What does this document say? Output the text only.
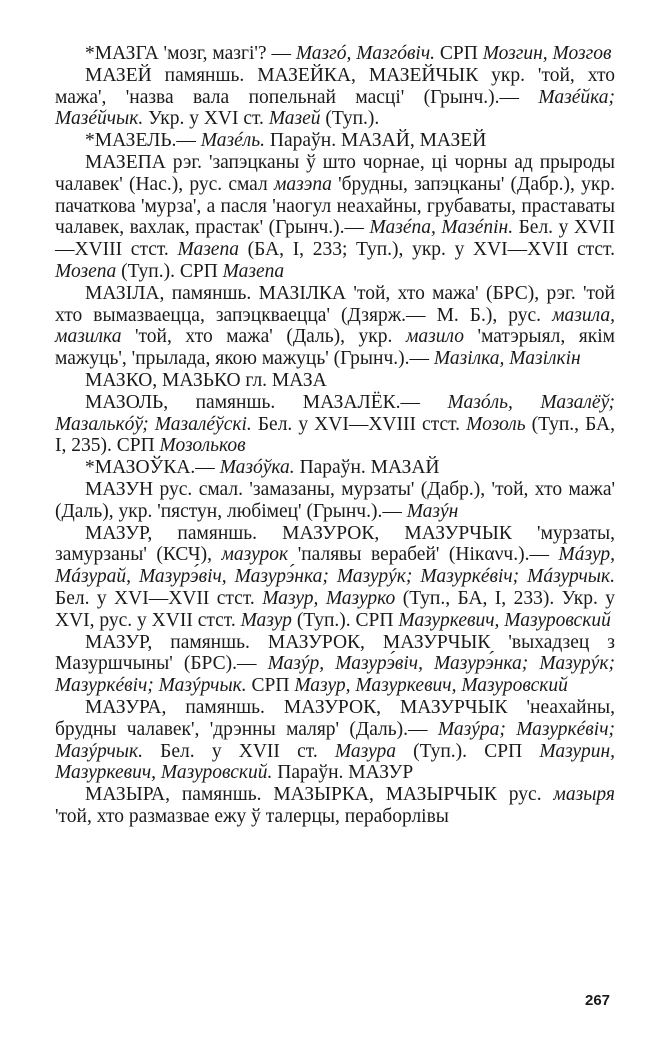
*МАЗГА 'мозг, мазгі'? — Мазгó, Мазгóвіч. СРП Мозгин, Мозгов

МАЗЕЙ памяншь. МАЗЕЙКА, МАЗЕЙЧЫК укр. 'той, хто мажа', 'назва вала попельнай масці' (Грынч.).— Мазéйка; Мазéйчык. Укр. у XVI ст. Мазей (Туп.).

*МАЗЕЛЬ.— Мазéль. Параўн. МАЗАЙ, МАЗЕЙ

МАЗЕПА рэг. 'запэцканы ў што чорнае, ці чорны ад прыроды чалавек' (Нас.), рус. смал мазэпа 'брудны, запэцканы' (Дабр.), укр. пачаткова 'мурза', а пасля 'наогул неахайны, грубаваты, праставаты чалавек, вахлак, прастак' (Грынч.).— Мазéпа, Мазéпін. Бел. у XVII—XVIII стст. Мазепа (БА, I, 233; Туп.), укр. у XVI—XVII стст. Мозепа (Туп.). СРП Мазепа

МАЗІЛА, памяншь. МАЗІЛКА 'той, хто мажа' (БРС), рэг. 'той хто вымазваецца, запэцкваецца' (Дзярж.— М. Б.), рус. мазила, мазилка 'той, хто мажа' (Даль), укр. мазило 'матэрыял, якім мажуць', 'прылада, якою мажуць' (Грынч.).— Мазілка, Мазілкін

МАЗКО, МАЗЬКО гл. МАЗА

МАЗОЛЬ, памяншь. МАЗАЛЁК.— Мазóль, Мазалёў; Мазалькóў; Мазалéўскі. Бел. у XVI—XVIII стст. Мозоль (Туп., БА, I, 235). СРП Мозольков

*МАЗОЎКА.— Мазóўка. Параўн. МАЗАЙ

МАЗУН рус. смал. 'замазаны, мурзаты' (Дабр.), 'той, хто мажа' (Даль), укр. 'пястун, любімец' (Грынч.).— Мазýн

МАЗУР, памяншь. МАЗУРОК, МАЗУРЧЫК 'мурзаты, замурзаны' (КСЧ), мазурок 'палявы верабей' (Нікανч.).— Мáзур, Мáзурай, Мазурэ́віч, Мазурэ́нка; Мазурýк; Мазуркéвіч; Мáзурчык. Бел. у XVI—XVII стст. Мазур, Мазурко (Туп., БА, I, 233). Укр. у XVI, рус. у XVII стст. Мазур (Туп.). СРП Мазуркевич, Мазуровский

МАЗУР, памяншь. МАЗУРОК, МАЗУРЧЫК 'выхадзец з Мазуршчыны' (БРС).— Мазýр, Мазурэ́віч, Мазурэ́нка; Мазурýк; Мазуркéвіч; Мазýрчык. СРП Мазур, Мазуркевич, Мазуровский

МАЗУРА, памяншь. МАЗУРОК, МАЗУРЧЫК 'неахайны, брудны чалавек', 'дрэнны маляр' (Даль).— Мазýра; Мазуркéвіч; Мазýрчык. Бел. у XVII ст. Мазура (Туп.). СРП Мазурин, Мазуркевич, Мазуровский. Параўн. МАЗУР

МАЗЫРА, памяншь. МАЗЫРКА, МАЗЫРЧЫК рус. мазыря 'той, хто размазвае ежу ў талерцы, пераборлівы

267
